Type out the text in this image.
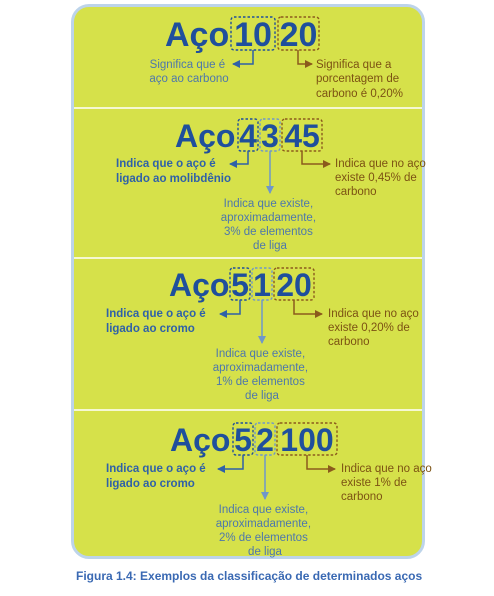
Aço 10 20
Significa que é aço ao carbono
Significa que a porcentagem de carbono é 0,20%
Aço 4 3 45
Indica que o aço é ligado ao molibdênio
Indica que existe, aproximadamente, 3% de elementos de liga
Indica que no aço existe 0,45% de carbono
Aço 5 1 20
Indica que o aço é ligado ao cromo
Indica que existe, aproximadamente, 1% de elementos de liga
Indica que no aço existe 0,20% de carbono
Aço 5 2 100
Indica que o aço é ligado ao cromo
Indica que existe, aproximadamente, 2% de elementos de liga
Indica que no aço existe 1% de carbono
Figura 1.4: Exemplos da classificação de determinados aços
